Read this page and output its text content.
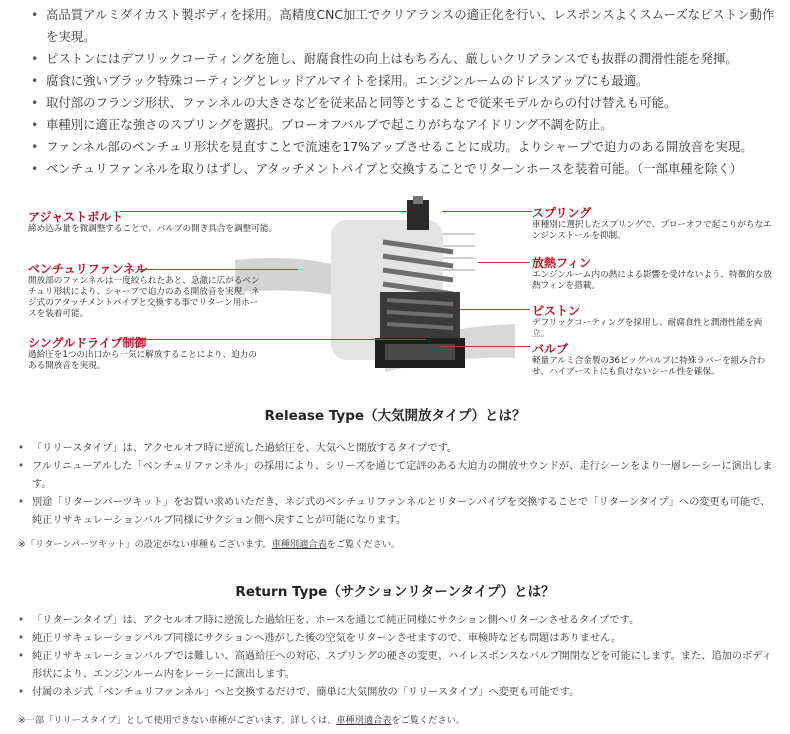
• 高品質アルミダイカスト製ボディを採用。高精度CNC加工でクリアランスの適正化を行い、レスポンスよくスムーズなピストン動作を実現。
• ピストンにはデフリックコーティングを施し、耐腐食性の向上はもちろん、厳しいクリアランスでも抜群の潤滑性能を発揮。
• 腐食に強いブラック特殊コーティングとレッドアルマイトを採用。エンジンルームのドレスアップにも最適。
• 取付部のフランジ形状、ファンネルの大きさなどを従来品と同等とすることで従来モデルからの付け替えも可能。
• 車種別に適正な強さのスプリングを選択。ブローオフバルブで起こりがちなアイドリング不調を防止。
• ファンネル部のベンチュリ形状を見直すことで流速を17%アップさせることに成功。よりシャープで迫力のある開放音を実現。
• ベンチュリファンネルを取りはずし、アタッチメントパイプと交換することでリターンホースを装着可能。（一部車種を除く）
アジャストボルト
締め込み量を微調整することで、バルブの開き具合を調整可能。
ベンチュリファンネル
開放部のファンネルは一度絞られたあと、急激に広がるベンチュリ形状により、シャープで迫力のある開放音を実現。ネジ式のアタッチメントパイプと交換する事でリターン用ホースを装着可能。
シングルドライブ制御
過給圧を1つの出口から一気に解放することにより、迫力のある開放音を実現。
スプリング
車種別に選択したスプリングで、ブローオフで起こりがちなエンジンストールを抑制。
放熱フィン
エンジンルーム内の熱による影響を受けないよう、特徴的な放熱フィンを搭載。
ピストン
デフリックコーティングを採用し、耐腐食性と潤滑性能を両立。
バルブ
軽量アルミ合金製の36ビッグバルブに特殊ラバーを組み合わせ、ハイブーストにも負けないシール性を確保。
Release Type（大気開放タイプ）とは？
• 「リリースタイプ」は、アクセルオフ時に逆流した過給圧を、大気へと開放するタイプです。
• フルリニューアルした「ベンチュリファンネル」の採用により、シリーズを通じて定評のある大迫力の開放サウンドが、走行シーンをより一層レーシーに演出します。
• 別途「リターンパーツキット」をお買い求めいただき、ネジ式のベンチュリファンネルとリターンパイプを交換することで「リターンタイプ」への変更も可能で、純正リサキュレーションバルブ同様にサクション側へ戻すことが可能になります。
※「リターンパーツキット」の設定がない車種もございます。車種別適合表をご覧ください。
Return Type（サクションリターンタイプ）とは？
• 「リターンタイプ」は、アクセルオフ時に逆流した過給圧を、ホースを通じて純正同様にサクション側へリターンさせるタイプです。
• 純正リサキュレーションバルブ同様にサクションへ逃がした後の空気をリターンさせますので、車検時なども問題はありません。
• 純正リサキュレーションバルブでは難しい、高過給圧への対応、スプリングの硬さの変更、ハイレスポンスなバルブ開閉などを可能にします。また、追加のボディ形状により、エンジンルーム内をレーシーに演出します。
• 付属のネジ式「ベンチュリファンネル」へと交換するだけで、簡単に大気開放の「リリースタイプ」へ変更も可能です。
※一部「リリースタイプ」として使用できない車種がございます。詳しくは、車種別適合表をご覧ください。
